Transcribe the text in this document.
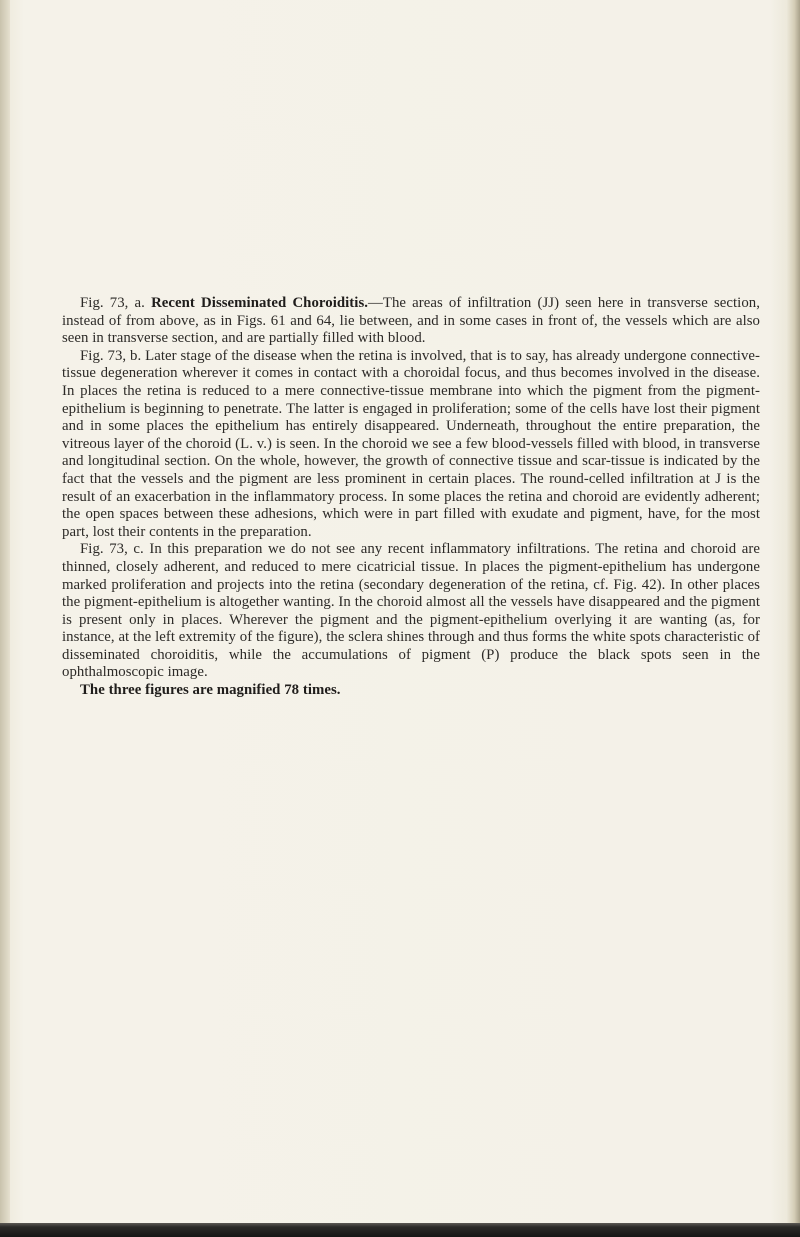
Fig. 73, a. Recent Disseminated Choroiditis.—The areas of infiltration (JJ) seen here in transverse section, instead of from above, as in Figs. 61 and 64, lie between, and in some cases in front of, the vessels which are also seen in transverse section, and are partially filled with blood.

Fig. 73, b. Later stage of the disease when the retina is involved, that is to say, has already undergone connective-tissue degeneration wherever it comes in contact with a choroidal focus, and thus becomes involved in the disease. In places the retina is reduced to a mere connective-tissue membrane into which the pigment from the pigment-epithelium is beginning to penetrate. The latter is engaged in proliferation; some of the cells have lost their pigment and in some places the epithelium has entirely disappeared. Underneath, throughout the entire preparation, the vitreous layer of the choroid (L. v.) is seen. In the choroid we see a few blood-vessels filled with blood, in transverse and longitudinal section. On the whole, however, the growth of connective tissue and scar-tissue is indicated by the fact that the vessels and the pigment are less prominent in certain places. The round-celled infiltration at J is the result of an exacerbation in the inflammatory process. In some places the retina and choroid are evidently adherent; the open spaces between these adhesions, which were in part filled with exudate and pigment, have, for the most part, lost their contents in the preparation.

Fig. 73, c. In this preparation we do not see any recent inflammatory infiltrations. The retina and choroid are thinned, closely adherent, and reduced to mere cicatricial tissue. In places the pigment-epithelium has undergone marked proliferation and projects into the retina (secondary degeneration of the retina, cf. Fig. 42). In other places the pigment-epithelium is altogether wanting. In the choroid almost all the vessels have disappeared and the pigment is present only in places. Wherever the pigment and the pigment-epithelium overlying it are wanting (as, for instance, at the left extremity of the figure), the sclera shines through and thus forms the white spots characteristic of disseminated choroiditis, while the accumulations of pigment (P) produce the black spots seen in the ophthalmoscopic image.

The three figures are magnified 78 times.
